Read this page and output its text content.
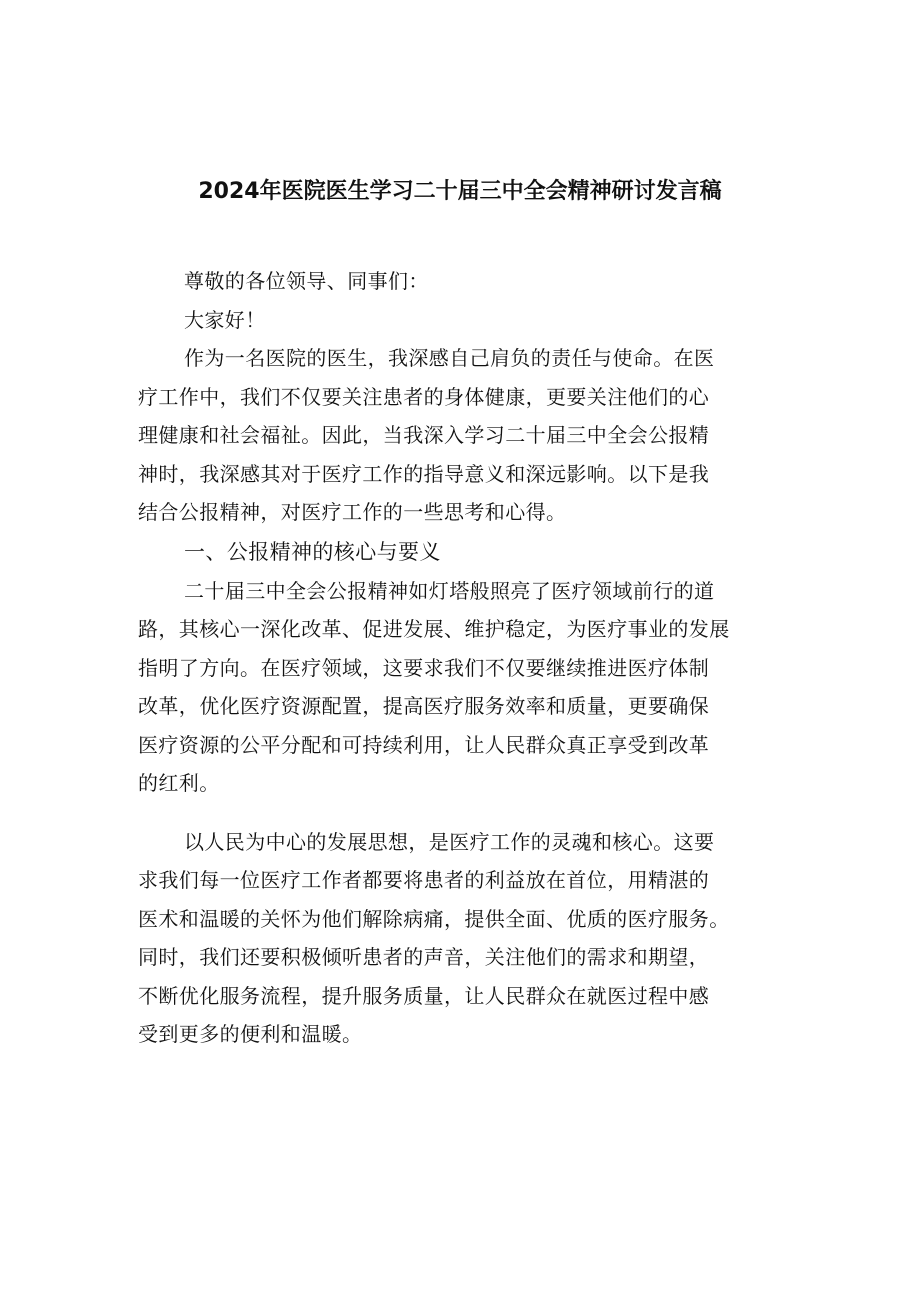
2024年医院医生学习二十届三中全会精神研讨发言稿
尊敬的各位领导、同事们：
大家好！
作为一名医院的医生，我深感自己肩负的责任与使命。在医
疗工作中，我们不仅要关注患者的身体健康，更要关注他们的心
理健康和社会福祉。因此，当我深入学习二十届三中全会公报精
神时，我深感其对于医疗工作的指导意义和深远影响。以下是我
结合公报精神，对医疗工作的一些思考和心得。
一、公报精神的核心与要义
二十届三中全会公报精神如灯塔般照亮了医疗领域前行的道
路，其核心一深化改革、促进发展、维护稳定，为医疗事业的发展
指明了方向。在医疗领域，这要求我们不仅要继续推进医疗体制
改革，优化医疗资源配置，提高医疗服务效率和质量，更要确保
医疗资源的公平分配和可持续利用，让人民群众真正享受到改革
的红利。
以人民为中心的发展思想，是医疗工作的灵魂和核心。这要
求我们每一位医疗工作者都要将患者的利益放在首位，用精湛的
医术和温暖的关怀为他们解除病痛，提供全面、优质的医疗服务。
同时，我们还要积极倾听患者的声音，关注他们的需求和期望，
不断优化服务流程，提升服务质量，让人民群众在就医过程中感
受到更多的便利和温暖。
